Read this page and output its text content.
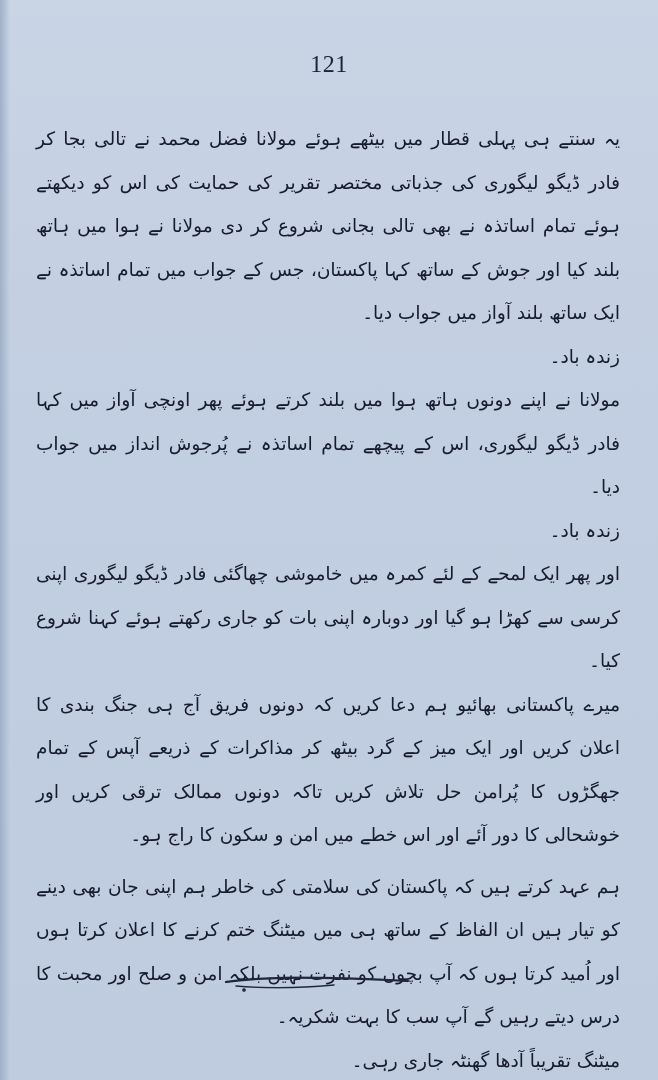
121

یہ سنتے ہی پہلی قطار میں بیٹھے ہوئے مولانا فضل محمد نے تالی بجا کر فادر ڈیگو لیگوری کی جذباتی مختصر تقریر کی حمایت کی اس کو دیکھتے ہوئے تمام اساتذہ نے بھی تالی بجانی شروع کر دی مولانا نے ہوا میں ہاتھ بلند کیا اور جوش کے ساتھ کہا پاکستان، جس کے جواب میں تمام اساتذہ نے ایک ساتھ بلند آواز میں جواب دیا۔

زندہ باد۔

مولانا نے اپنے دونوں ہاتھ ہوا میں بلند کرتے ہوئے پھر اونچی آواز میں کہا فادر ڈیگو لیگوری، اس کے پیچھے تمام اساتذہ نے پُرجوش انداز میں جواب دیا۔

زندہ باد۔

اور پھر ایک لمحے کے لئے کمرہ میں خاموشی چھاگئی فادر ڈیگو لیگوری اپنی کرسی سے کھڑا ہو گیا اور دوبارہ اپنی بات کو جاری رکھتے ہوئے کہنا شروع کیا۔

میرے پاکستانی بھائیو ہم دعا کریں کہ دونوں فریق آج ہی جنگ بندی کا اعلان کریں اور ایک میز کے گرد بیٹھ کر مذاکرات کے ذریعے آپس کے تمام جھگڑوں کا پُرامن حل تلاش کریں تاکہ دونوں ممالک ترقی کریں اور خوشحالی کا دور آئے اور اس خطے میں امن و سکون کا راج ہو۔

ہم عہد کرتے ہیں کہ پاکستان کی سلامتی کی خاطر ہم اپنی جان بھی دینے کو تیار ہیں ان الفاظ کے ساتھ ہی میں میٹنگ ختم کرنے کا اعلان کرتا ہوں اور اُمید کرتا ہوں کہ آپ بچوں کو نفرت نہیں بلکہ امن و صلح اور محبت کا درس دیتے رہیں گے آپ سب کا بہت شکریہ۔

میٹنگ تقریباً آدھا گھنٹہ جاری رہی۔
